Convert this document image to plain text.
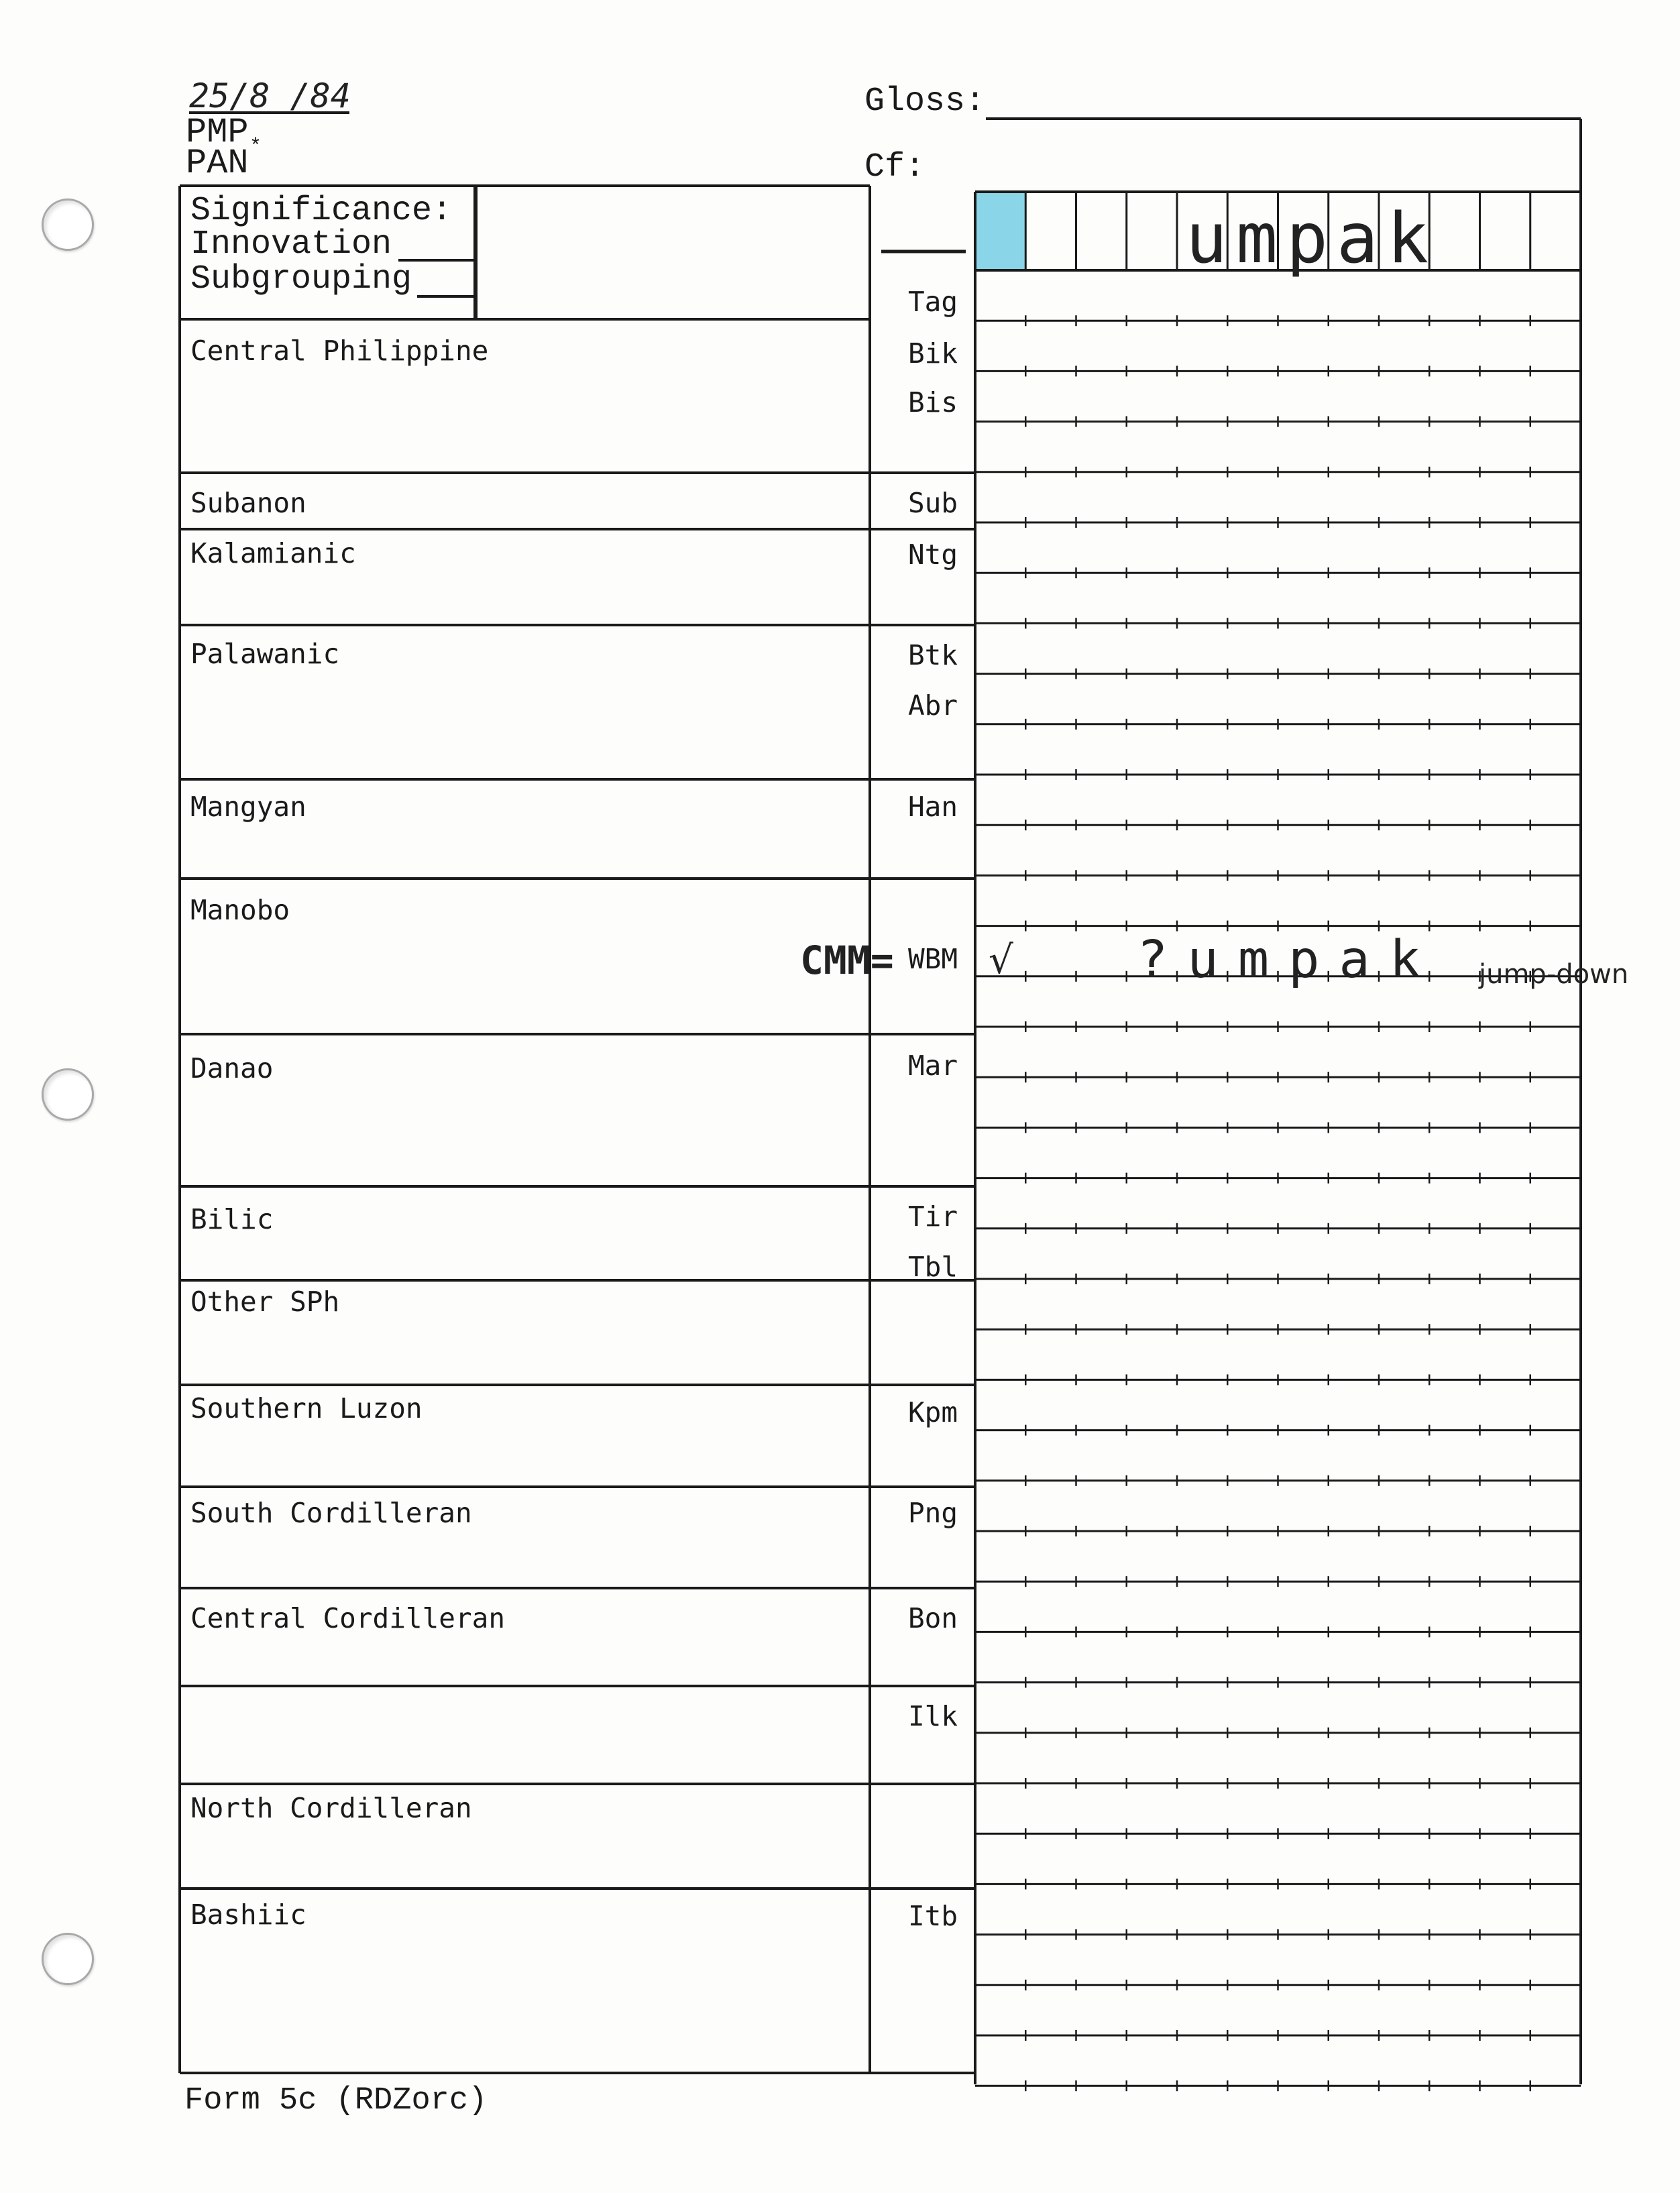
25/8 /84
PMP *
PAN
Gloss:
Cf:
Significance:
Innovation
Subgrouping
umpak
Central Philippine
Subanon
Kalamianic
Palawanic
Mangyan
Manobo
Danao
Bilic
Other SPh
Southern Luzon
South Cordilleran
Central Cordilleran
North Cordilleran
Bashiic
Tag
Bik
Bis
Sub
Ntg
Btk
Abr
Han
WBM
Mar
Tir
Tbl
Kpm
Png
Bon
Ilk
Itb
CMM= √ ?umpak jump-down
Form 5c (RDZorc)
